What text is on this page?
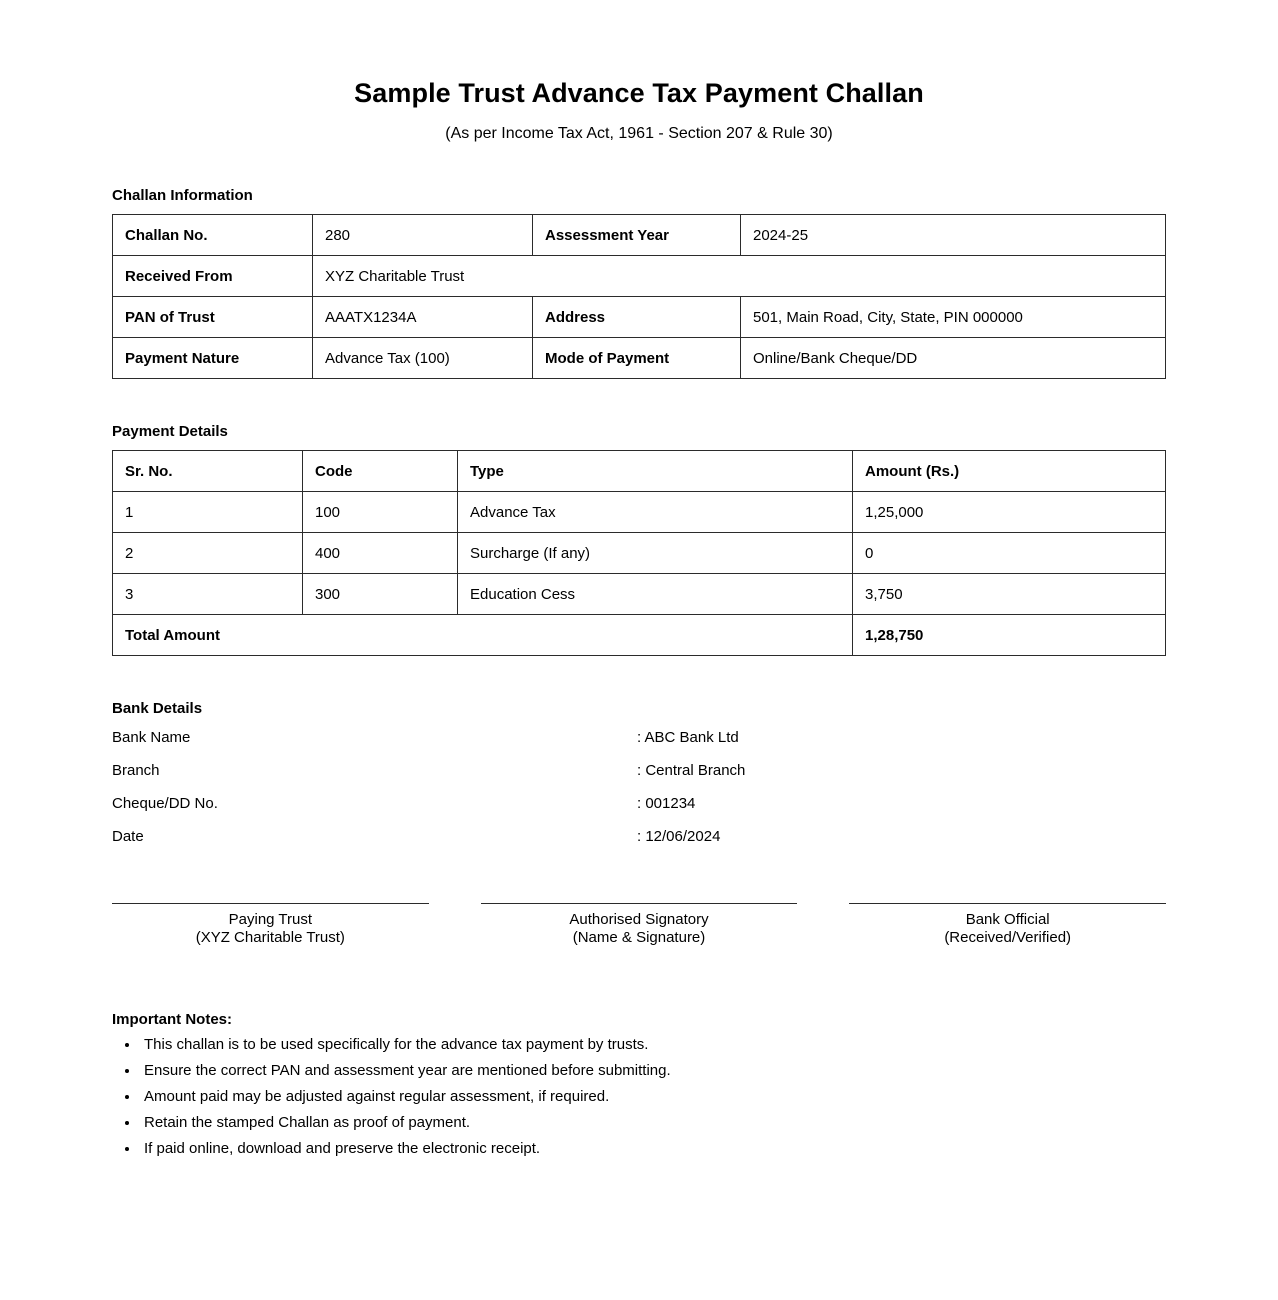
Sample Trust Advance Tax Payment Challan
(As per Income Tax Act, 1961 - Section 207 & Rule 30)
Challan Information
Challan No.	280	Assessment Year	2024-25
Received From	XYZ Charitable Trust		
PAN of Trust	AAATX1234A	Address	501, Main Road, City, State, PIN 000000
Payment Nature	Advance Tax (100)	Mode of Payment	Online/Bank Cheque/DD
Payment Details
Sr. No.	Code	Type	Amount (Rs.)
1	100	Advance Tax	1,25,000
2	400	Surcharge (If any)	0
3	300	Education Cess	3,750
Total Amount			1,28,750
Bank Details
Bank Name	: ABC Bank Ltd
Branch	: Central Branch
Cheque/DD No.	: 001234
Date	: 12/06/2024
Paying Trust
(XYZ Charitable Trust)
Authorised Signatory
(Name & Signature)
Bank Official
(Received/Verified)
Important Notes:
• This challan is to be used specifically for the advance tax payment by trusts.
• Ensure the correct PAN and assessment year are mentioned before submitting.
• Amount paid may be adjusted against regular assessment, if required.
• Retain the stamped Challan as proof of payment.
• If paid online, download and preserve the electronic receipt.
